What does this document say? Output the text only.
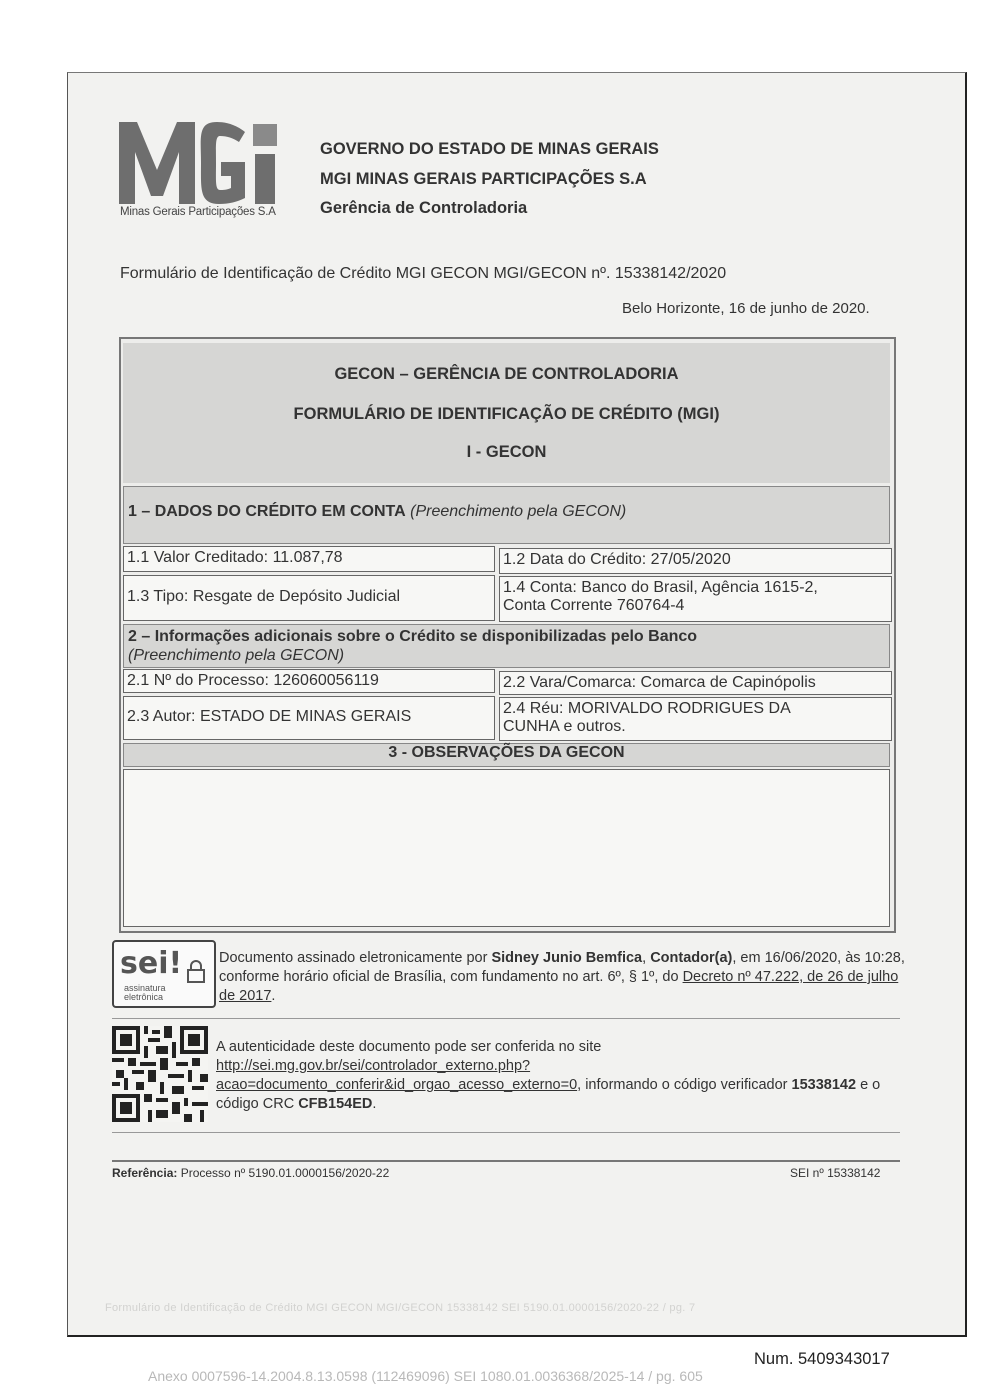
Minas Gerais Participações S.A
GOVERNO DO ESTADO DE MINAS GERAIS
MGI MINAS GERAIS PARTICIPAÇÕES S.A
Gerência de Controladoria
Formulário de Identificação de Crédito MGI GECON MGI/GECON nº. 15338142/2020
Belo Horizonte, 16 de junho de 2020.
GECON – GERÊNCIA DE CONTROLADORIA
FORMULÁRIO DE IDENTIFICAÇÃO DE CRÉDITO (MGI)
I - GECON
1 – DADOS DO CRÉDITO EM CONTA (Preenchimento pela GECON)
1.1 Valor Creditado: 11.087,78	1.2 Data do Crédito: 27/05/2020
1.3 Tipo: Resgate de Depósito Judicial
1.4 Conta: Banco do Brasil, Agência 1615-2,
Conta Corrente 760764-4
2 – Informações adicionais sobre o Crédito se disponibilizadas pelo Banco
(Preenchimento pela GECON)
2.1 Nº do Processo: 126060056119	2.2 Vara/Comarca: Comarca de Capinópolis
2.3 Autor: ESTADO DE MINAS GERAIS	2.4 Réu: MORIVALDO RODRIGUES DA
CUNHA e outros.
3 - OBSERVAÇÕES DA GECON
sei!
assinatura
eletrônica
Documento assinado eletronicamente por Sidney Junio Bemfica, Contador(a), em 16/06/2020, às 10:28, conforme horário oficial de Brasília, com fundamento no art. 6º, § 1º, do Decreto nº 47.222, de 26 de julho de 2017.
A autenticidade deste documento pode ser conferida no site
http://sei.mg.gov.br/sei/controlador_externo.php?
acao=documento_conferir&id_orgao_acesso_externo=0, informando o código verificador 15338142 e o código CRC CFB154ED.
Referência: Processo nº 5190.01.0000156/2020-22	SEI nº 15338142
Formulário de Identificação de Crédito MGI GECON MGI/GECON 15338142 SEI 5190.01.0000156/2020-22 / pg. 7
Num. 5409343017
Anexo 0007596-14.2004.8.13.0598 (112469096) SEI 1080.01.0036368/2025-14 / pg. 605
